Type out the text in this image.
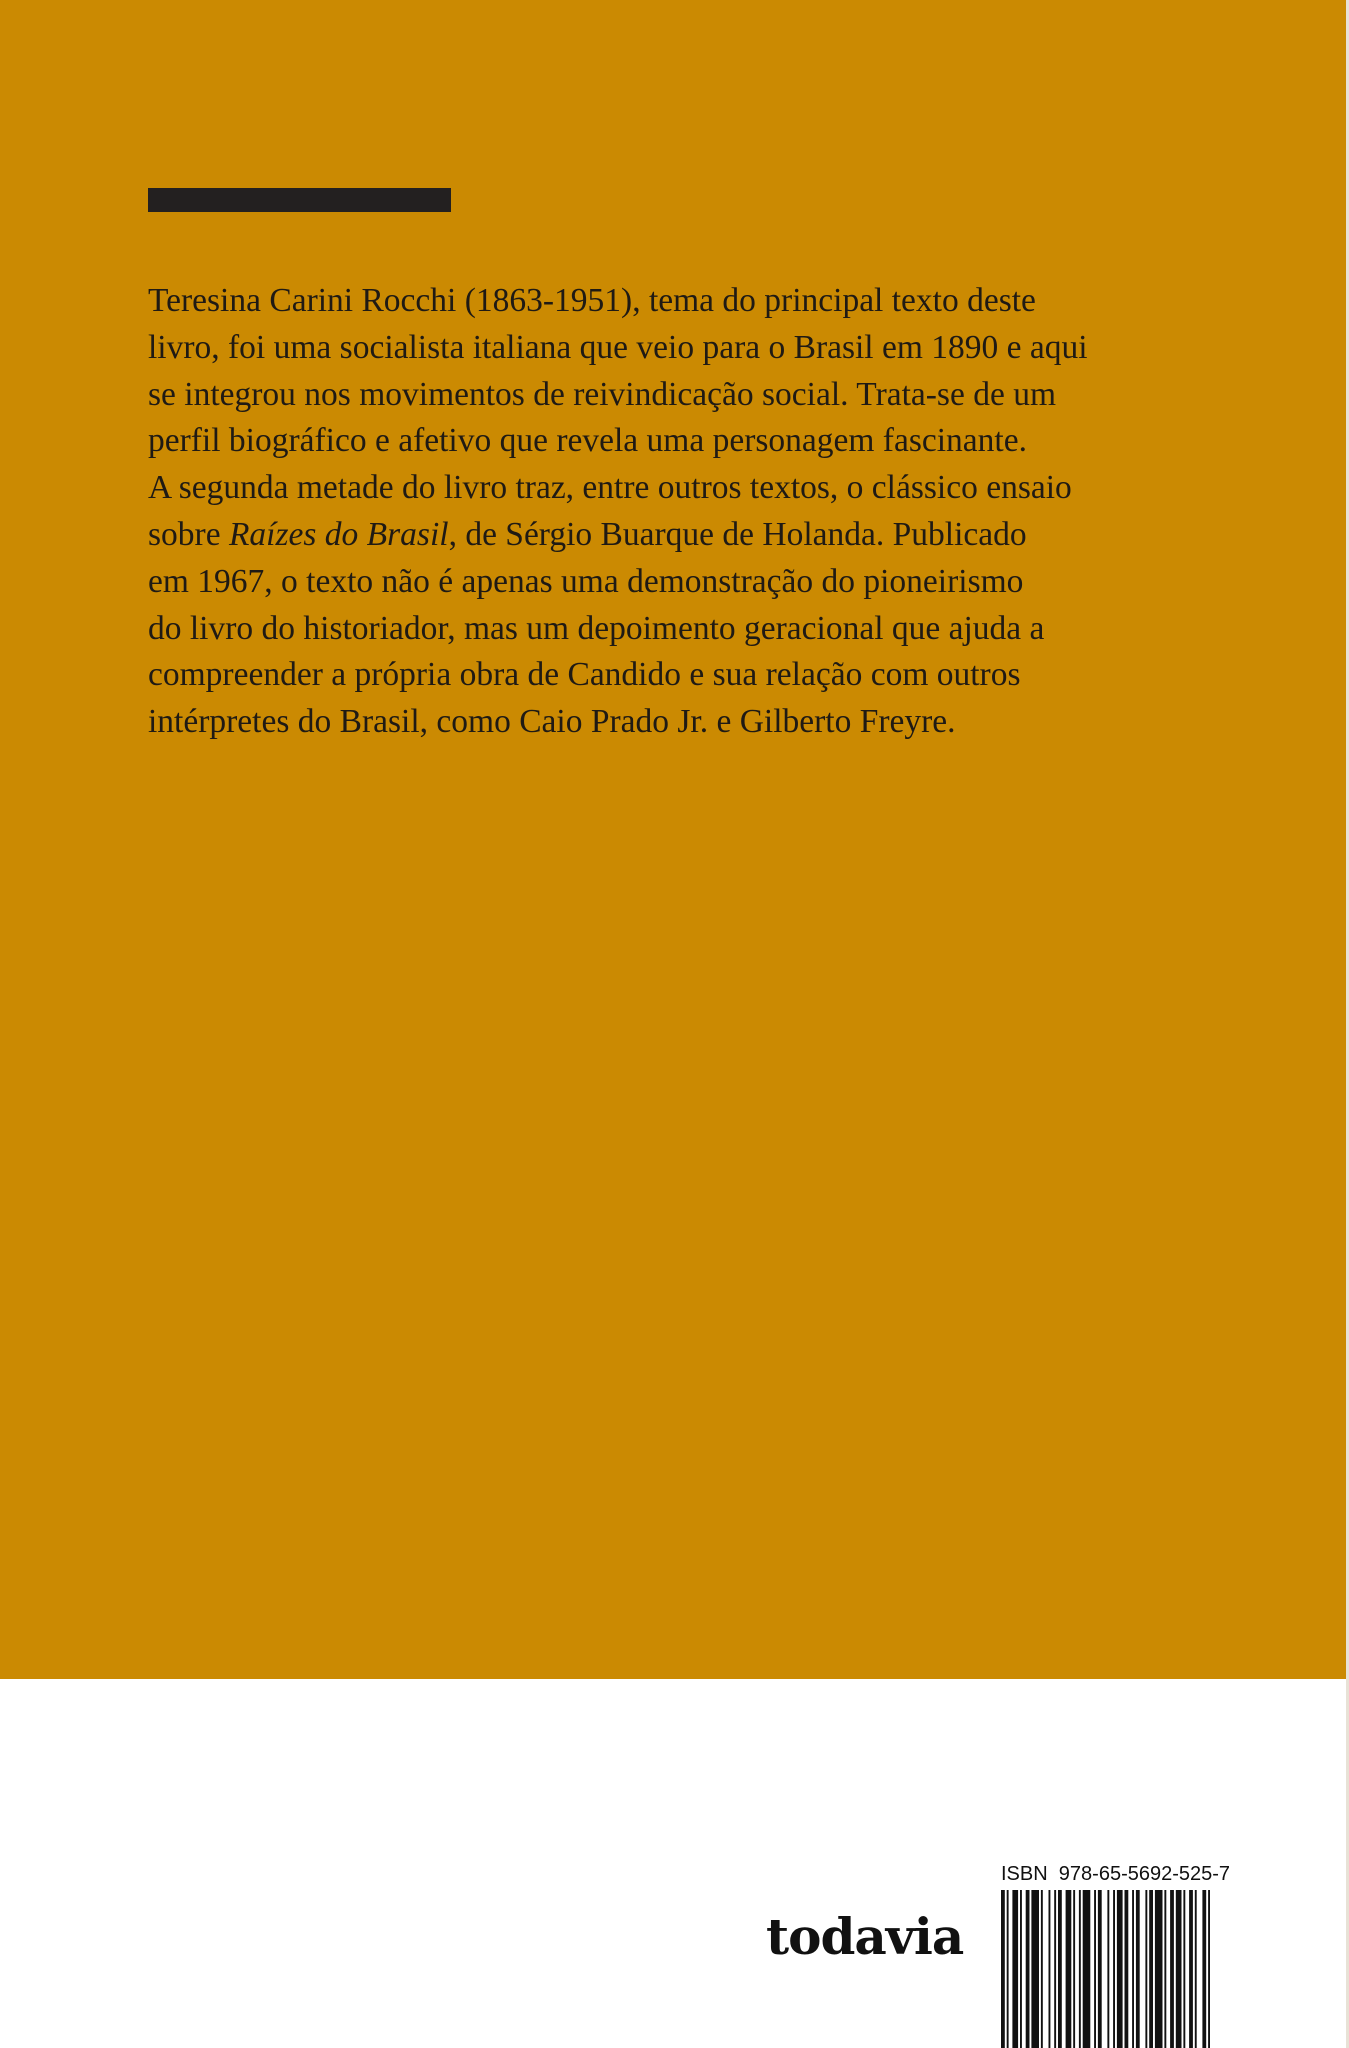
Teresina Carini Rocchi (1863-1951), tema do principal texto deste
livro, foi uma socialista italiana que veio para o Brasil em 1890 e aqui
se integrou nos movimentos de reivindicação social. Trata-se de um
perfil biográfico e afetivo que revela uma personagem fascinante.
A segunda metade do livro traz, entre outros textos, o clássico ensaio
sobre Raízes do Brasil, de Sérgio Buarque de Holanda. Publicado
em 1967, o texto não é apenas uma demonstração do pioneirismo
do livro do historiador, mas um depoimento geracional que ajuda a
compreender a própria obra de Candido e sua relação com outros
intérpretes do Brasil, como Caio Prado Jr. e Gilberto Freyre.

todavia
ISBN  978-65-5692-525-7
